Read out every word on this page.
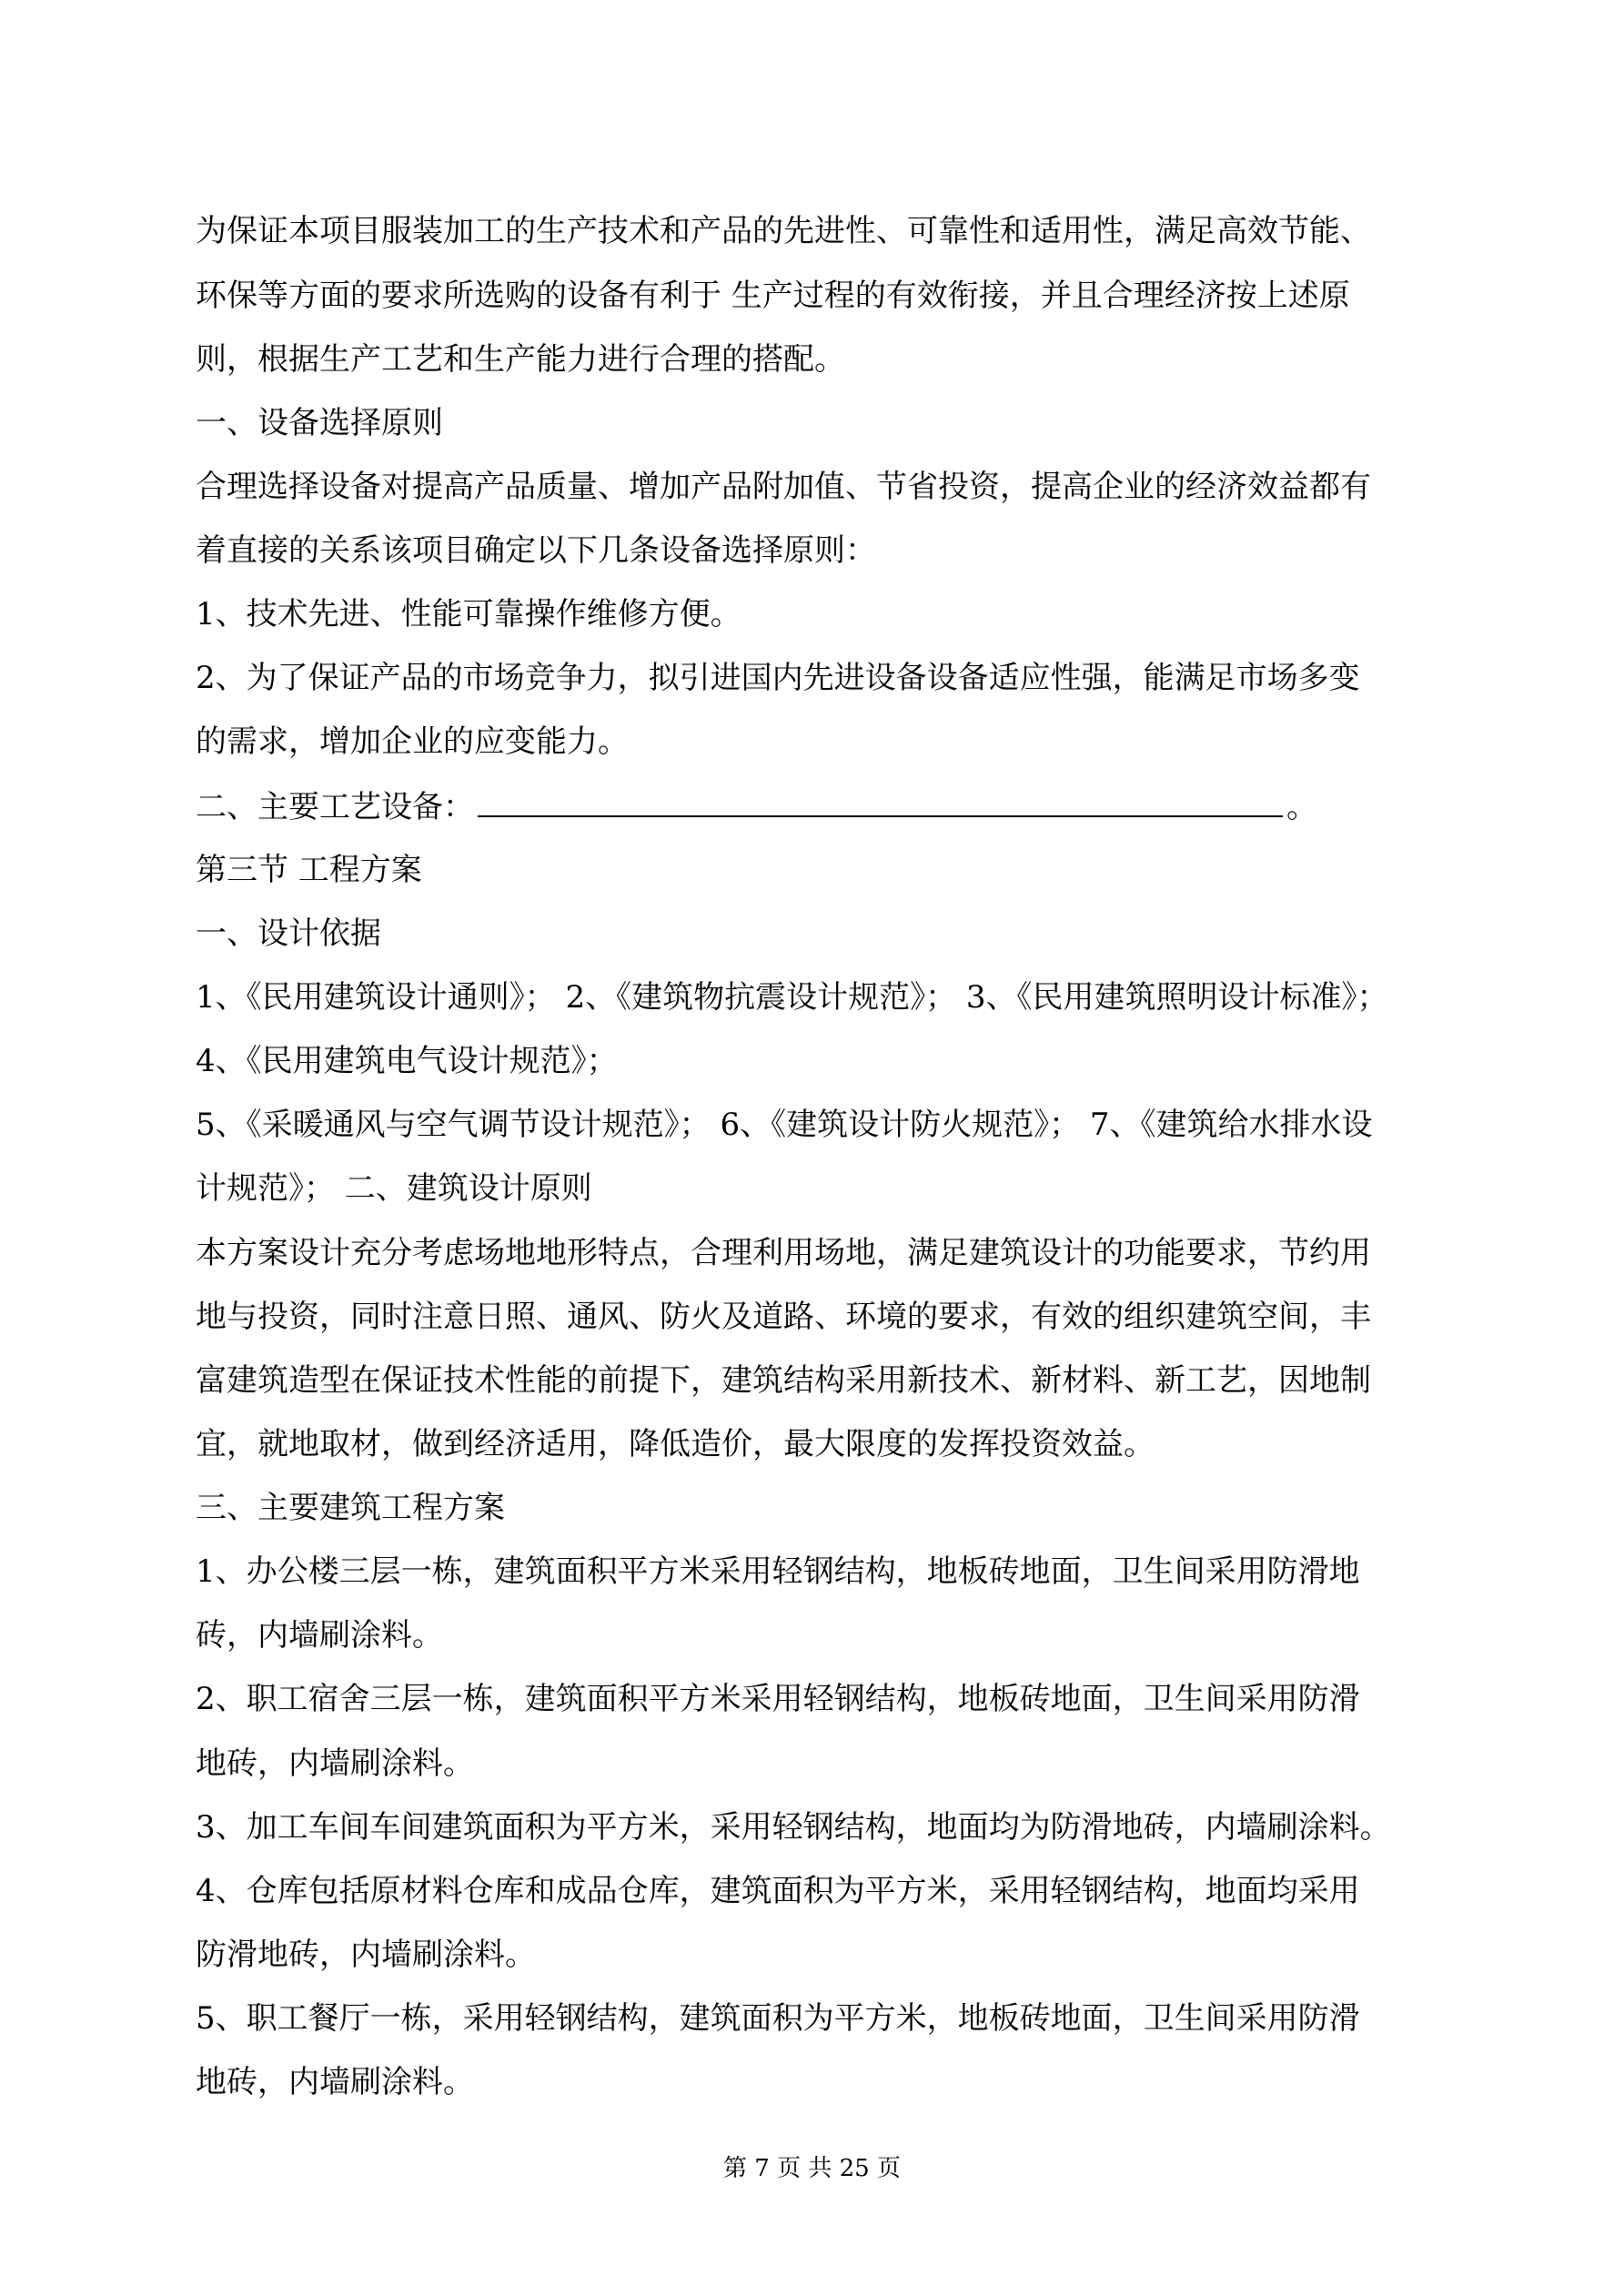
为保证本项目服装加工的生产技术和产品的先进性、可靠性和适用性，满足高效节能、
环保等方面的要求所选购的设备有利于 生产过程的有效衔接，并且合理经济按上述原
则，根据生产工艺和生产能力进行合理的搭配。
一、设备选择原则
合理选择设备对提高产品质量、增加产品附加值、节省投资，提高企业的经济效益都有
着直接的关系该项目确定以下几条设备选择原则：
1、技术先进、性能可靠操作维修方便。
2、为了保证产品的市场竞争力，拟引进国内先进设备设备适应性强，能满足市场多变
的需求，增加企业的应变能力。
二、主要工艺设备：	。
第三节 工程方案
一、设计依据
1、《民用建筑设计通则》； 2、《建筑物抗震设计规范》； 3、《民用建筑照明设计标准》；
4、《民用建筑电气设计规范》；
5、《采暖通风与空气调节设计规范》； 6、《建筑设计防火规范》； 7、《建筑给水排水设
计规范》； 二、建筑设计原则
本方案设计充分考虑场地地形特点，合理利用场地，满足建筑设计的功能要求，节约用
地与投资，同时注意日照、通风、防火及道路、环境的要求，有效的组织建筑空间，丰
富建筑造型在保证技术性能的前提下，建筑结构采用新技术、新材料、新工艺，因地制
宜，就地取材，做到经济适用，降低造价，最大限度的发挥投资效益。
三、主要建筑工程方案
1、办公楼三层一栋，建筑面积平方米采用轻钢结构，地板砖地面，卫生间采用防滑地
砖，内墙刷涂料。
2、职工宿舍三层一栋，建筑面积平方米采用轻钢结构，地板砖地面，卫生间采用防滑
地砖，内墙刷涂料。
3、加工车间车间建筑面积为平方米，采用轻钢结构，地面均为防滑地砖，内墙刷涂料。
4、仓库包括原材料仓库和成品仓库，建筑面积为平方米，采用轻钢结构，地面均采用
防滑地砖，内墙刷涂料。
5、职工餐厅一栋，采用轻钢结构，建筑面积为平方米，地板砖地面，卫生间采用防滑
地砖，内墙刷涂料。
第 7 页 共 25 页
